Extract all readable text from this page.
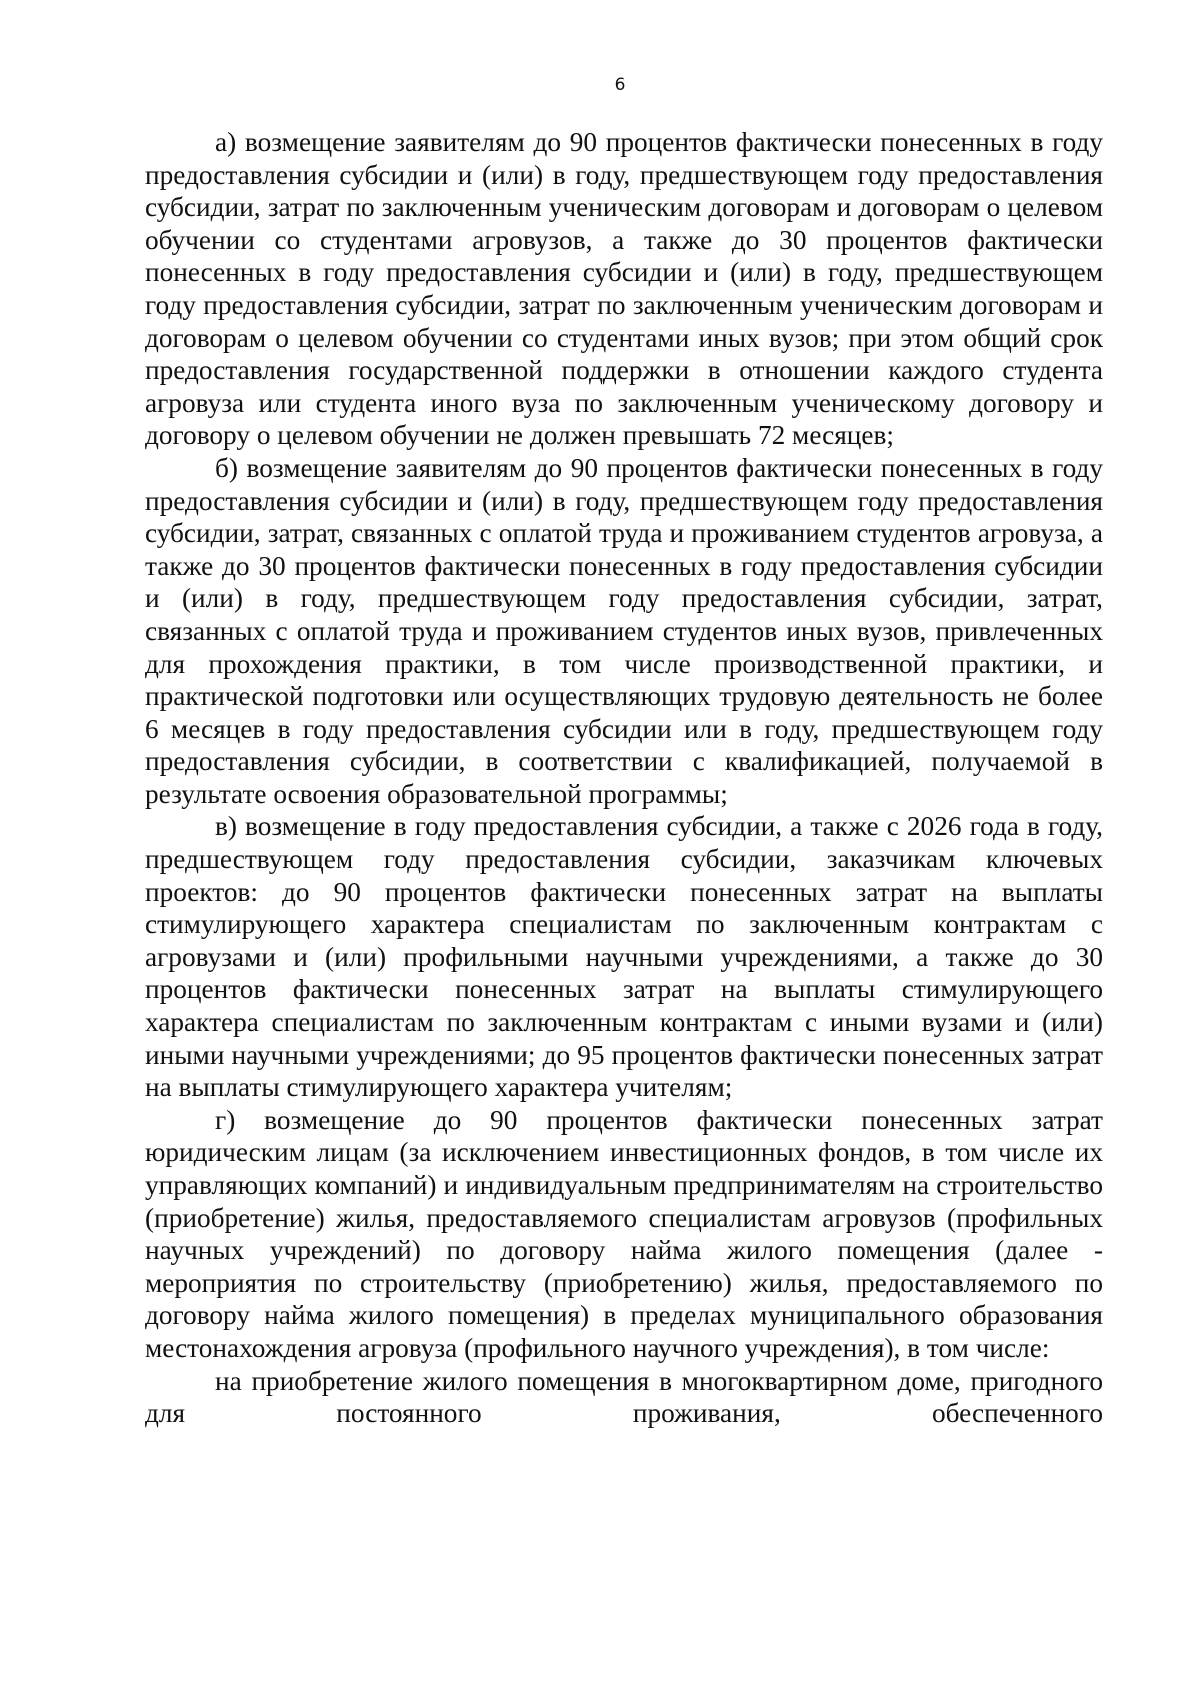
6

а) возмещение заявителям до 90 процентов фактически понесенных в году предоставления субсидии и (или) в году, предшествующем году предоставления субсидии, затрат по заключенным ученическим договорам и договорам о целевом обучении со студентами агровузов, а также до 30 процентов фактически понесенных в году предоставления субсидии и (или) в году, предшествующем году предоставления субсидии, затрат по заключенным ученическим договорам и договорам о целевом обучении со студентами иных вузов; при этом общий срок предоставления государственной поддержки в отношении каждого студента агровуза или студента иного вуза по заключенным ученическому договору и договору о целевом обучении не должен превышать 72 месяцев;

б) возмещение заявителям до 90 процентов фактически понесенных в году предоставления субсидии и (или) в году, предшествующем году предоставления субсидии, затрат, связанных с оплатой труда и проживанием студентов агровуза, а также до 30 процентов фактически понесенных в году предоставления субсидии и (или) в году, предшествующем году предоставления субсидии, затрат, связанных с оплатой труда и проживанием студентов иных вузов, привлеченных для прохождения практики, в том числе производственной практики, и практической подготовки или осуществляющих трудовую деятельность не более 6 месяцев в году предоставления субсидии или в году, предшествующем году предоставления субсидии, в соответствии с квалификацией, получаемой в результате освоения образовательной программы;

в) возмещение в году предоставления субсидии, а также с 2026 года в году, предшествующем году предоставления субсидии, заказчикам ключевых проектов: до 90 процентов фактически понесенных затрат на выплаты стимулирующего характера специалистам по заключенным контрактам с агровузами и (или) профильными научными учреждениями, а также до 30 процентов фактически понесенных затрат на выплаты стимулирующего характера специалистам по заключенным контрактам с иными вузами и (или) иными научными учреждениями; до 95 процентов фактически понесенных затрат на выплаты стимулирующего характера учителям;

г) возмещение до 90 процентов фактически понесенных затрат юридическим лицам (за исключением инвестиционных фондов, в том числе их управляющих компаний) и индивидуальным предпринимателям на строительство (приобретение) жилья, предоставляемого специалистам агровузов (профильных научных учреждений) по договору найма жилого помещения (далее - мероприятия по строительству (приобретению) жилья, предоставляемого по договору найма жилого помещения) в пределах муниципального образования местонахождения агровуза (профильного научного учреждения), в том числе:

на приобретение жилого помещения в многоквартирном доме, пригодного для постоянного проживания, обеспеченного
